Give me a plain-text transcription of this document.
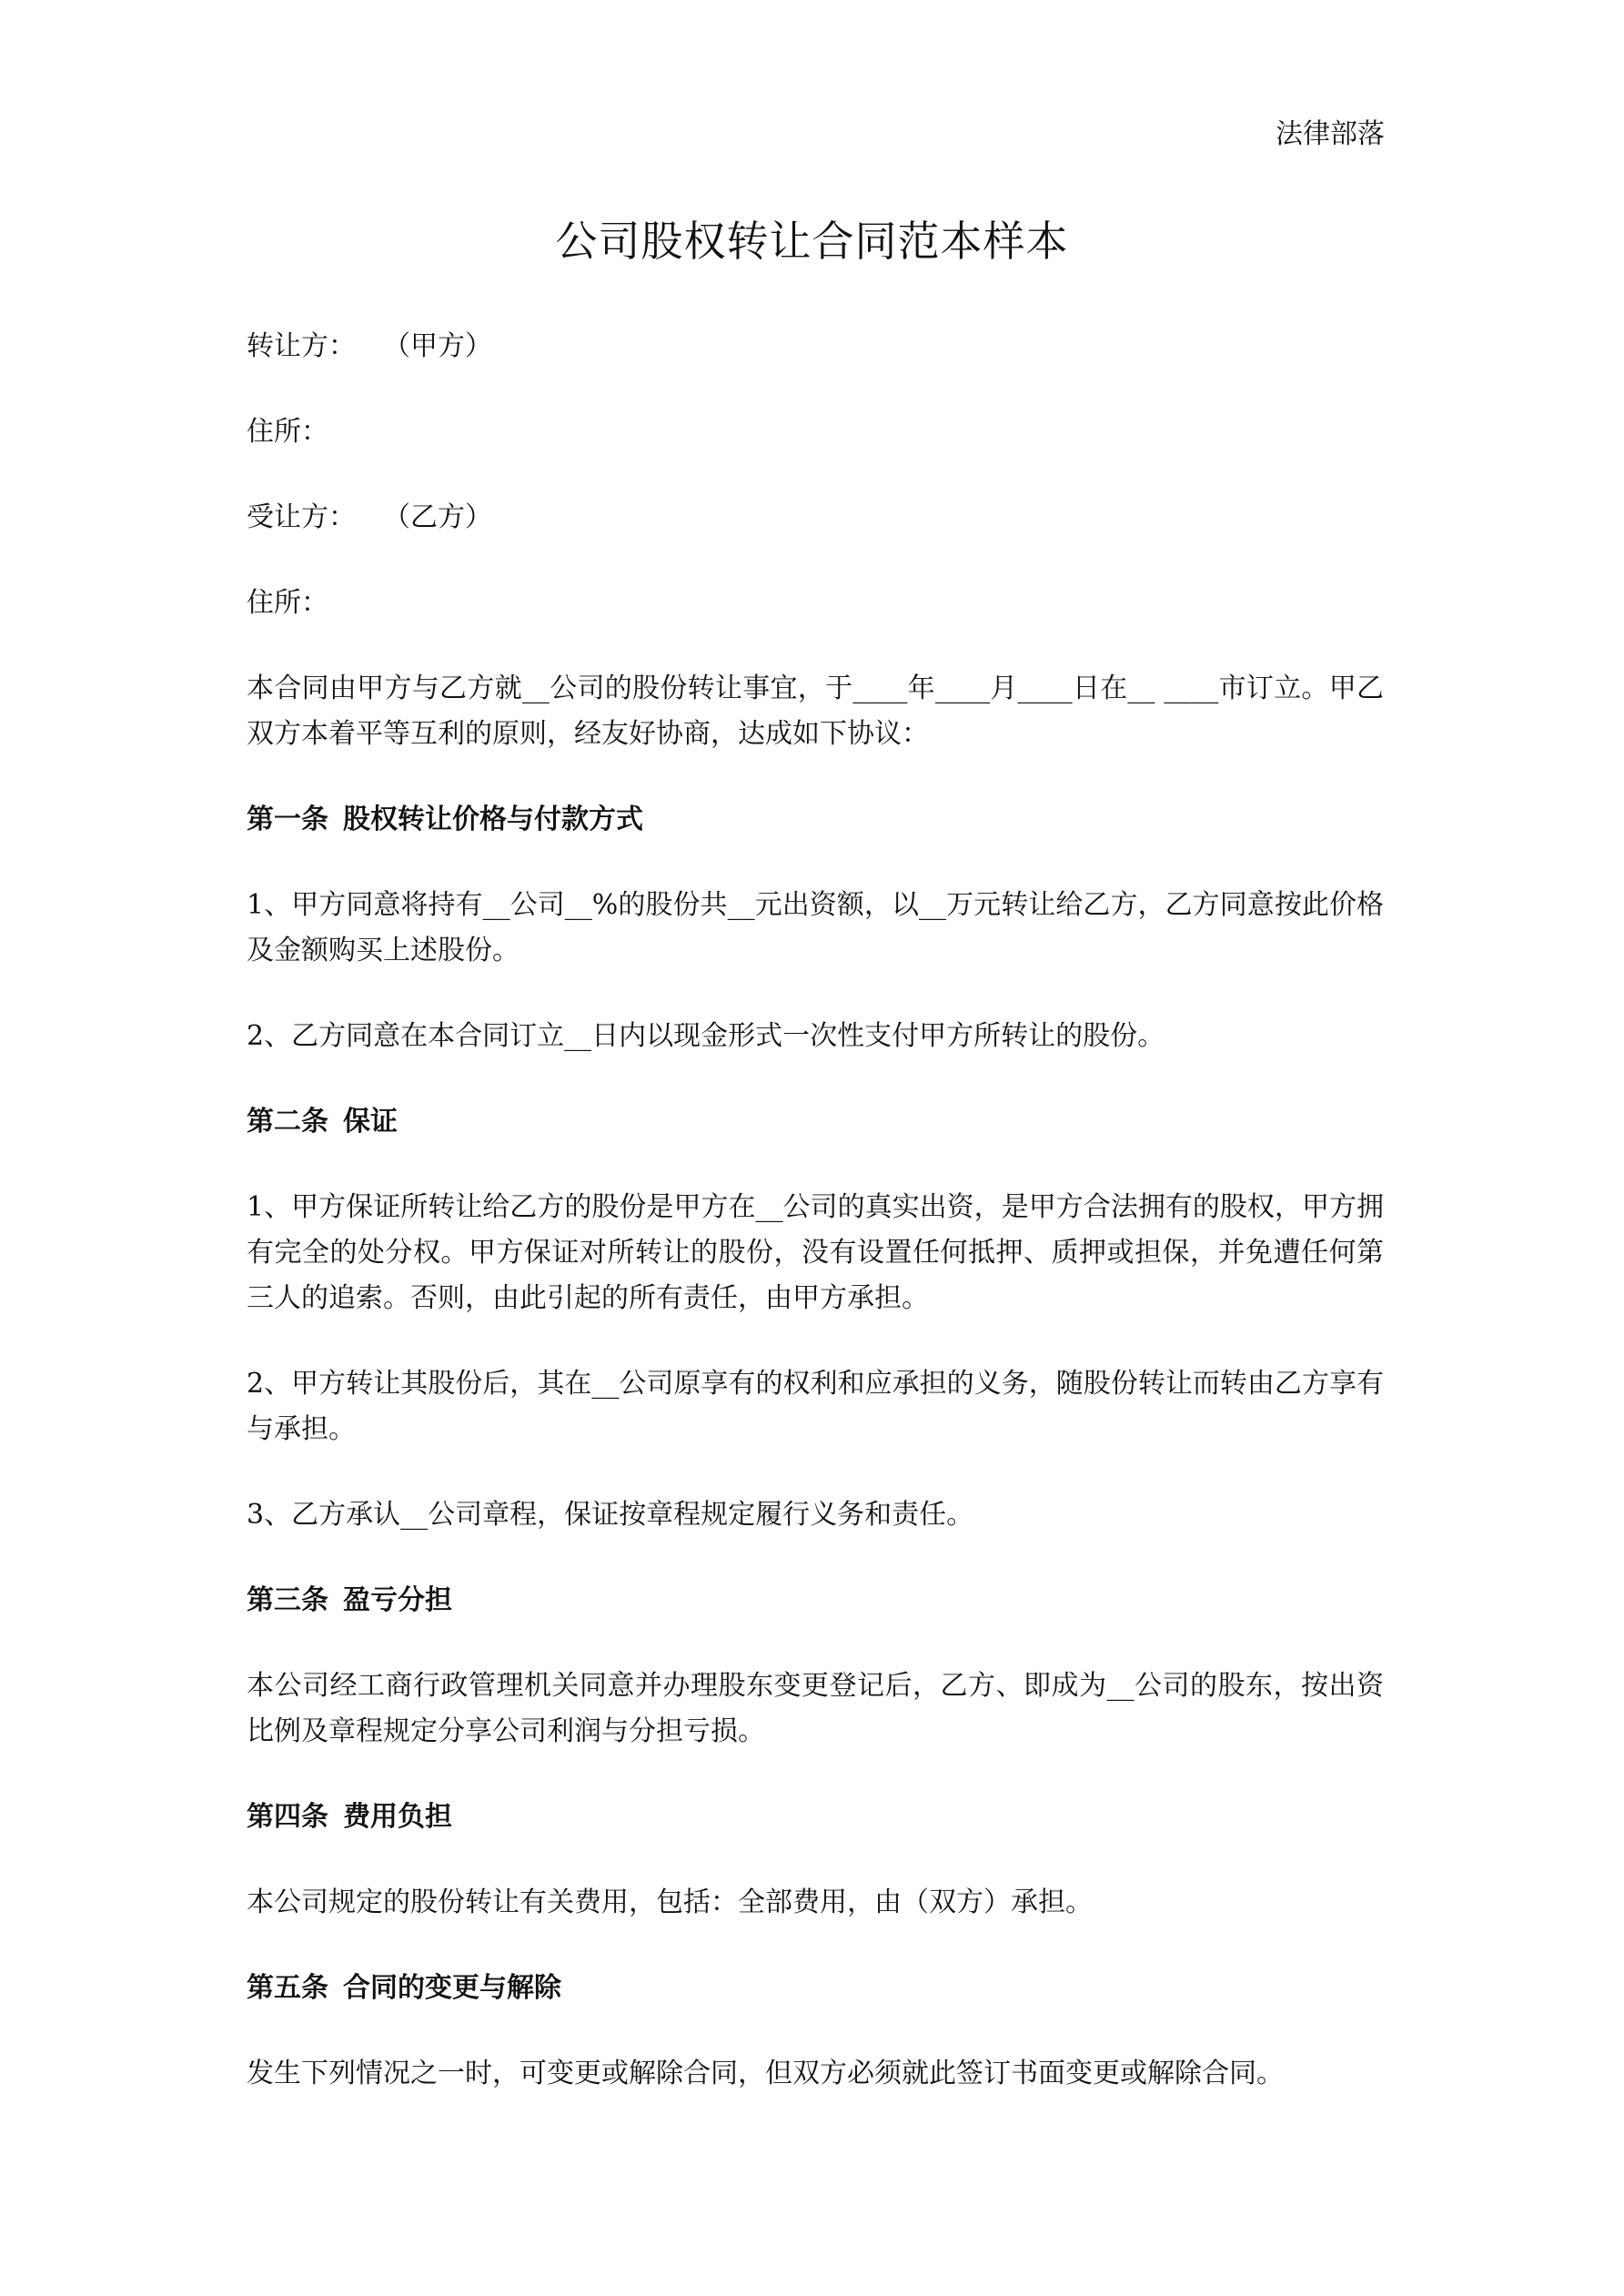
法律部落
公司股权转让合同范本样本
转让方： （甲方）
住所：
受让方： （乙方）
住所：

本合同由甲方与乙方就__公司的股份转让事宜，于____年____月____日在__ ____市订立。甲乙双方本着平等互利的原则，经友好协商，达成如下协议：

第一条 股权转让价格与付款方式

1、甲方同意将持有__公司__%的股份共__元出资额，以__万元转让给乙方，乙方同意按此价格及金额购买上述股份。

2、乙方同意在本合同订立__日内以现金形式一次性支付甲方所转让的股份。

第二条 保证

1、甲方保证所转让给乙方的股份是甲方在__公司的真实出资，是甲方合法拥有的股权，甲方拥有完全的处分权。甲方保证对所转让的股份，没有设置任何抵押、质押或担保，并免遭任何第三人的追索。否则，由此引起的所有责任，由甲方承担。

2、甲方转让其股份后，其在__公司原享有的权利和应承担的义务，随股份转让而转由乙方享有与承担。

3、乙方承认__公司章程，保证按章程规定履行义务和责任。

第三条 盈亏分担

本公司经工商行政管理机关同意并办理股东变更登记后，乙方、即成为__公司的股东，按出资比例及章程规定分享公司利润与分担亏损。

第四条 费用负担

本公司规定的股份转让有关费用，包括：全部费用，由（双方）承担。

第五条 合同的变更与解除

发生下列情况之一时，可变更或解除合同，但双方必须就此签订书面变更或解除合同。
